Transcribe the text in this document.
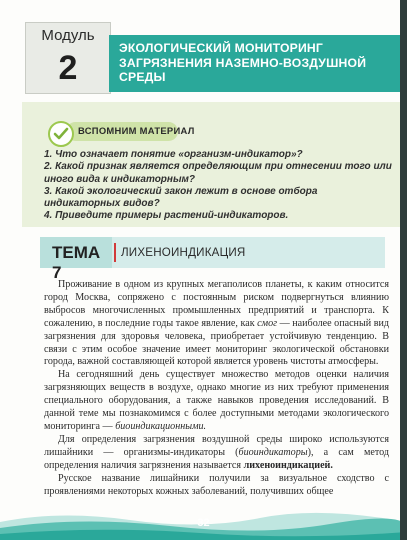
Модуль
2
ЭКОЛОГИЧЕСКИЙ МОНИТОРИНГ ЗАГРЯЗНЕНИЯ НАЗЕМНО-ВОЗДУШНОЙ СРЕДЫ
ВСПОМНИМ МАТЕРИАЛ
1. Что означает понятие «организм-индикатор»?
2. Какой признак является определяющим при отнесении того или иного вида к индикаторным?
3. Какой экологический закон лежит в основе отбора индикаторных видов?
4. Приведите примеры растений-индикаторов.
ТЕМА 7
ЛИХЕНОИНДИКАЦИЯ

Проживание в одном из крупных мегаполисов планеты, к каким относится город Москва, сопряжено с постоянным риском подвергнуться влиянию выбросов многочисленных промышленных предприятий и транспорта. К сожалению, в последние годы такое явление, как смог — наиболее опасный вид загрязнения для здоровья человека, приобретает устойчивую тенденцию. В связи с этим особое значение имеет мониторинг экологической обстановки города, важной составляющей которой является уровень чистоты атмосферы.

На сегодняшний день существует множество методов оценки наличия загрязняющих веществ в воздухе, однако многие из них требуют применения специального оборудования, а также навыков проведения исследований. В данной теме мы познакомимся с более доступными методами экологического мониторинга — биоиндикационными.

Для определения загрязнения воздушной среды широко используются лишайники — организмы-индикаторы (биоиндикаторы), а сам метод определения наличия загрязнения называется лихеноиндикацией.

Русское название лишайники получили за визуальное сходство с проявлениями некоторых кожных заболеваний, получивших общее

32
